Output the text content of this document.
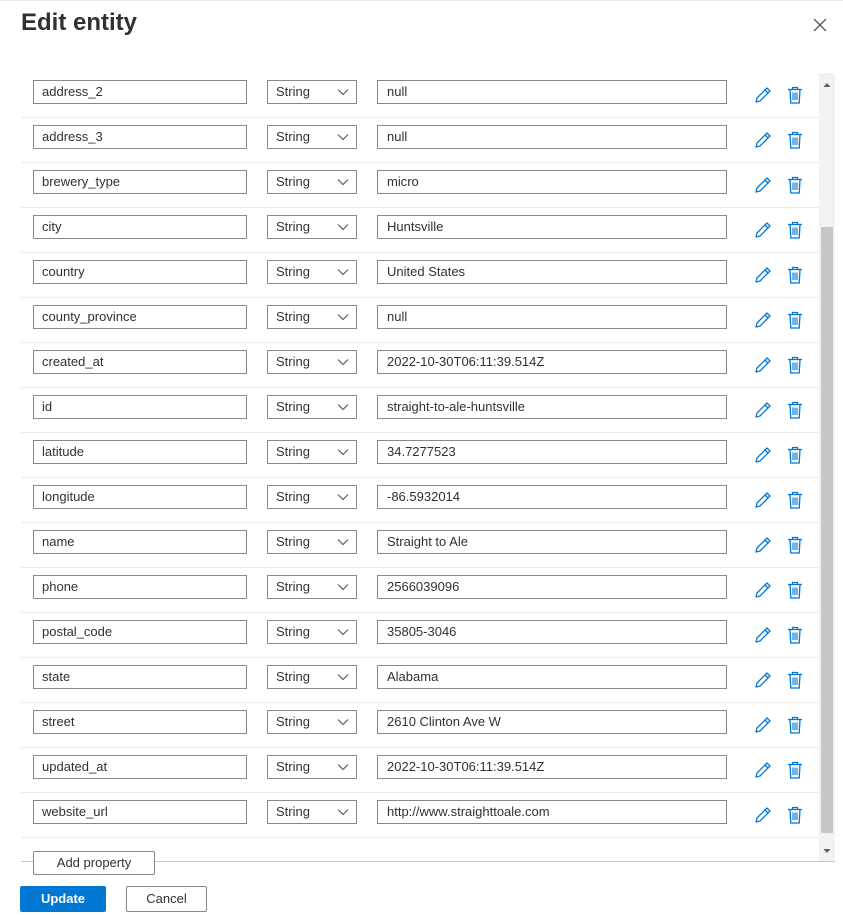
Edit entity
address_2	String	null
address_3	String	null
brewery_type	String	micro
city	String	Huntsville
country	String	United States
county_province	String	null
created_at	String	2022-10-30T06:11:39.514Z
id	String	straight-to-ale-huntsville
latitude	String	34.7277523
longitude	String	-86.5932014
name	String	Straight to Ale
phone	String	2566039096
postal_code	String	35805-3046
state	String	Alabama
street	String	2610 Clinton Ave W
updated_at	String	2022-10-30T06:11:39.514Z
website_url	String	http://www.straighttoale.com
Add property
Update	Cancel
